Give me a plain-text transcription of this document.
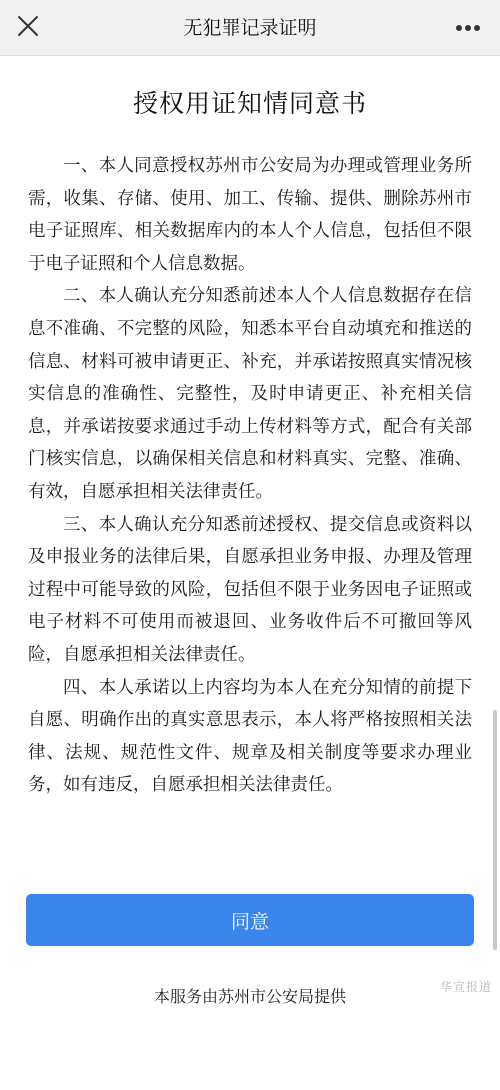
无犯罪记录证明
授权用证知情同意书

一、本人同意授权苏州市公安局为办理或管理业务所需，收集、存储、使用、加工、传输、提供、删除苏州市电子证照库、相关数据库内的本人个人信息，包括但不限于电子证照和个人信息数据。

二、本人确认充分知悉前述本人个人信息数据存在信息不准确、不完整的风险，知悉本平台自动填充和推送的信息、材料可被申请更正、补充，并承诺按照真实情况核实信息的准确性、完整性，及时申请更正、补充相关信息，并承诺按要求通过手动上传材料等方式，配合有关部门核实信息，以确保相关信息和材料真实、完整、准确、有效，自愿承担相关法律责任。

三、本人确认充分知悉前述授权、提交信息或资料以及申报业务的法律后果，自愿承担业务申报、办理及管理过程中可能导致的风险，包括但不限于业务因电子证照或电子材料不可使用而被退回、业务收件后不可撤回等风险，自愿承担相关法律责任。

四、本人承诺以上内容均为本人在充分知情的前提下自愿、明确作出的真实意思表示，本人将严格按照相关法律、法规、规范性文件、规章及相关制度等要求办理业务，如有违反，自愿承担相关法律责任。

同意
本服务由苏州市公安局提供	华宣报道
